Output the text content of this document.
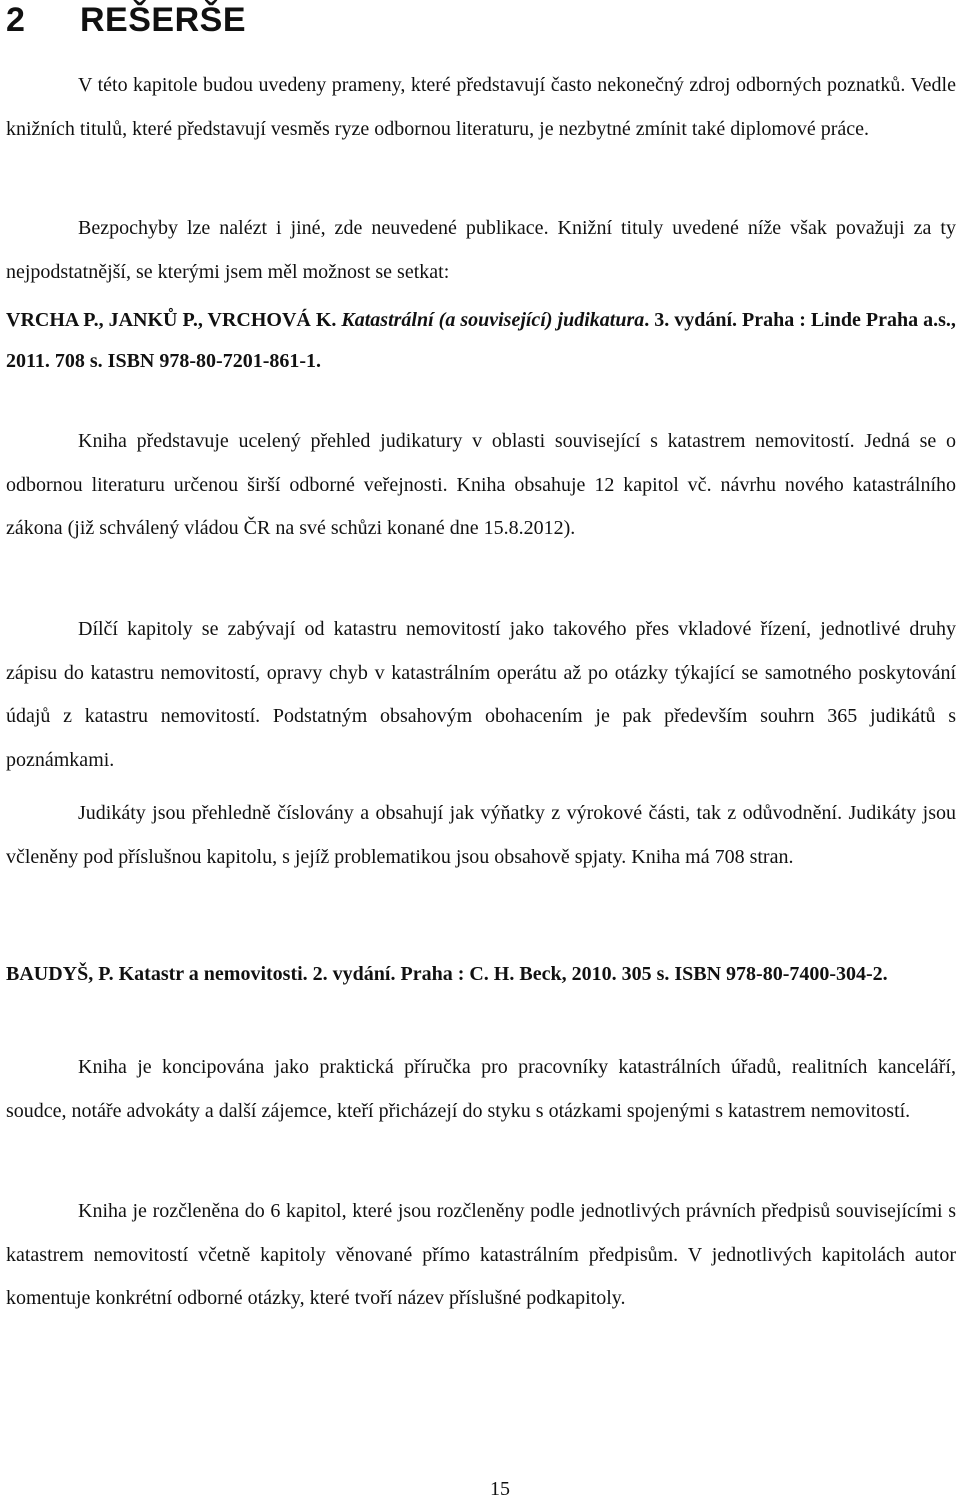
2 REŠERŠE

V této kapitole budou uvedeny prameny, které představují často nekonečný zdroj odborných poznatků. Vedle knižních titulů, které představují vesměs ryze odbornou literaturu, je nezbytné zmínit také diplomové práce.

Bezpochyby lze nalézt i jiné, zde neuvedené publikace. Knižní tituly uvedené níže však považuji za ty nejpodstatnější, se kterými jsem měl možnost se setkat:

VRCHA P., JANKŮ P., VRCHOVÁ K. Katastrální (a související) judikatura. 3. vydání. Praha : Linde Praha a.s., 2011. 708 s. ISBN 978-80-7201-861-1.

Kniha představuje ucelený přehled judikatury v oblasti související s katastrem nemovitostí. Jedná se o odbornou literaturu určenou širší odborné veřejnosti. Kniha obsahuje 12 kapitol vč. návrhu nového katastrálního zákona (již schválený vládou ČR na své schůzi konané dne 15.8.2012).

Dílčí kapitoly se zabývají od katastru nemovitostí jako takového přes vkladové řízení, jednotlivé druhy zápisu do katastru nemovitostí, opravy chyb v katastrálním operátu až po otázky týkající se samotného poskytování údajů z katastru nemovitostí. Podstatným obsahovým obohacením je pak především souhrn 365 judikátů s poznámkami.

Judikáty jsou přehledně číslovány a obsahují jak výňatky z výrokové části, tak z odůvodnění. Judikáty jsou včleněny pod příslušnou kapitolu, s jejíž problematikou jsou obsahově spjaty. Kniha má 708 stran.

BAUDYŠ, P. Katastr a nemovitosti. 2. vydání. Praha : C. H. Beck, 2010. 305 s. ISBN 978-80-7400-304-2.

Kniha je koncipována jako praktická příručka pro pracovníky katastrálních úřadů, realitních kanceláří, soudce, notáře advokáty a další zájemce, kteří přicházejí do styku s otázkami spojenými s katastrem nemovitostí.

Kniha je rozčleněna do 6 kapitol, které jsou rozčleněny podle jednotlivých právních předpisů souvisejícími s katastrem nemovitostí včetně kapitoly věnované přímo katastrálním předpisům. V jednotlivých kapitolách autor komentuje konkrétní odborné otázky, které tvoří název příslušné podkapitoly.

15
